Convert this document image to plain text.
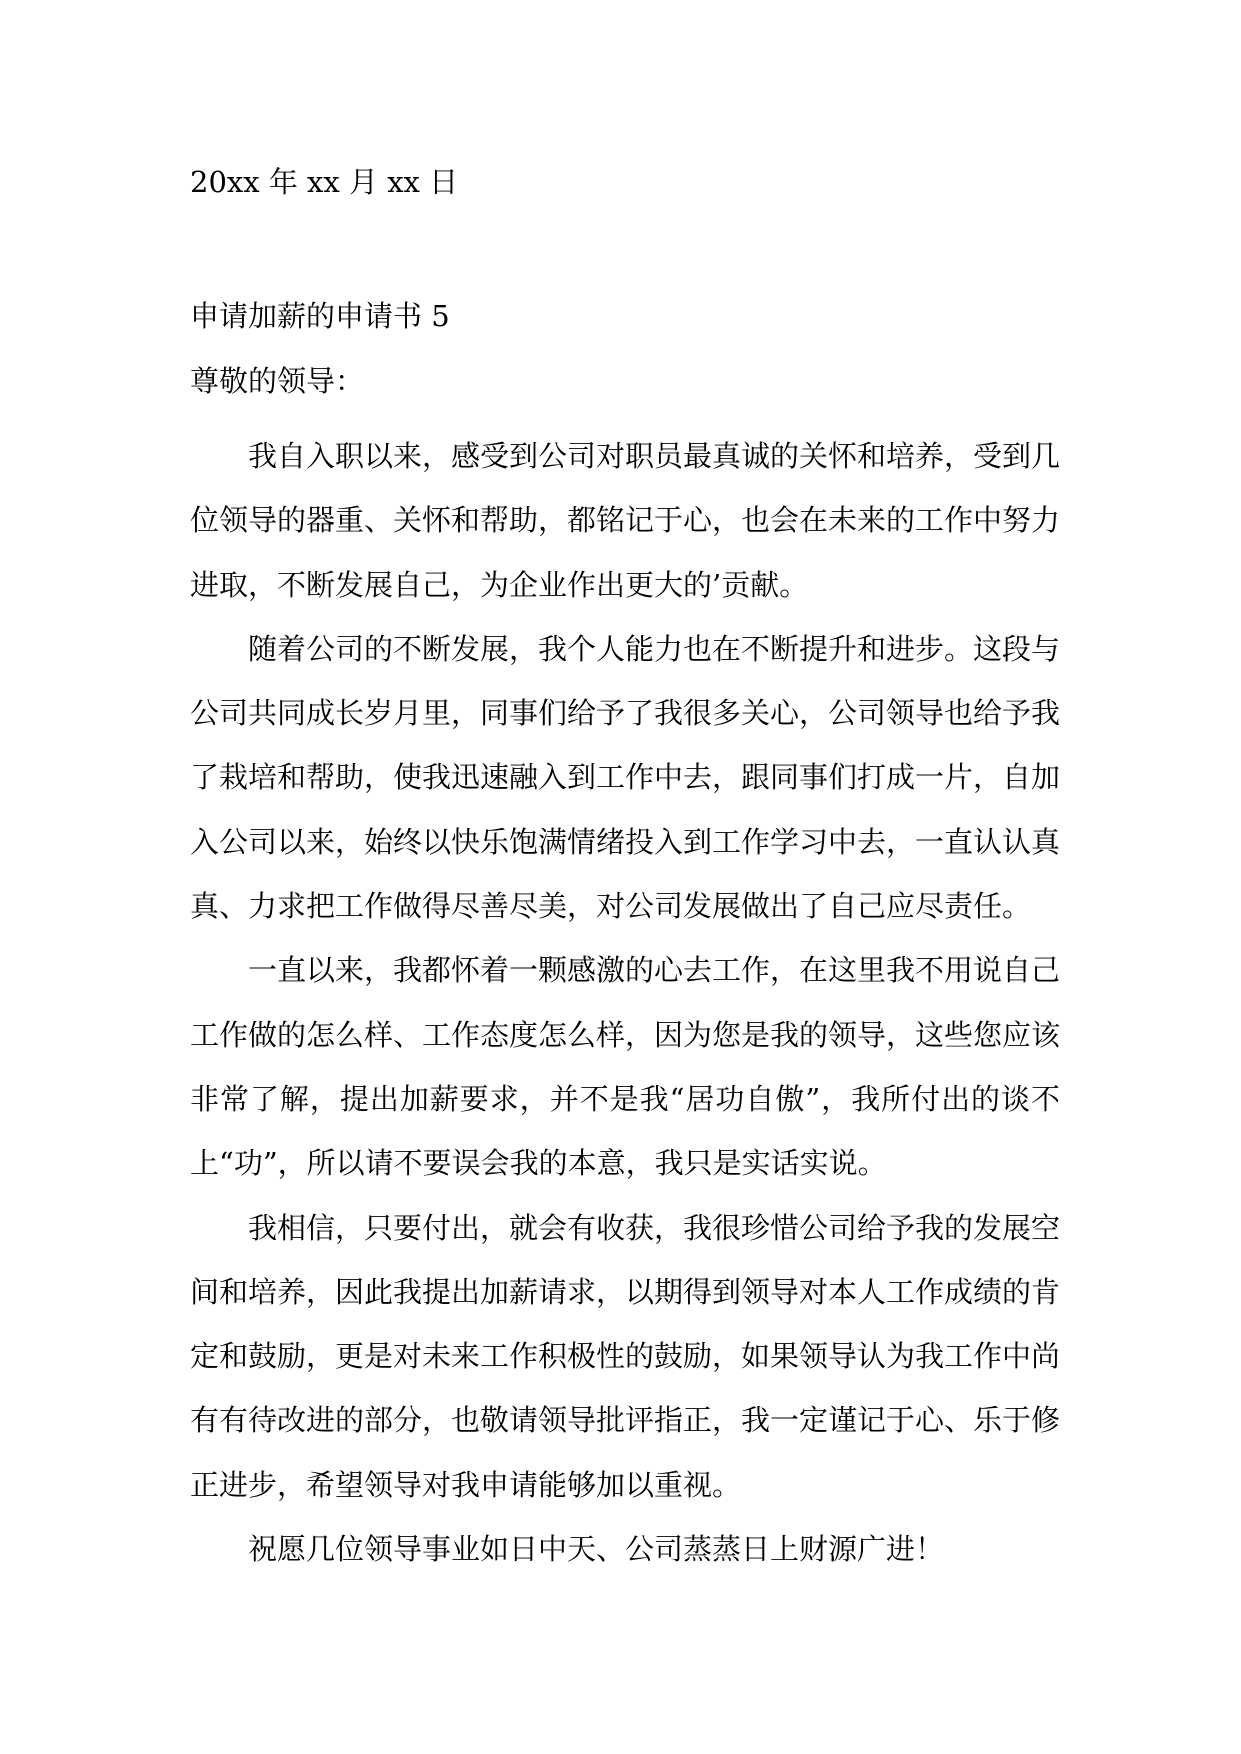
20xx 年 xx 月 xx 日
申请加薪的申请书 5
尊敬的领导：

我自入职以来，感受到公司对职员最真诚的关怀和培养，受到几位领导的器重、关怀和帮助，都铭记于心，也会在未来的工作中努力进取，不断发展自己，为企业作出更大的’贡献。

随着公司的不断发展，我个人能力也在不断提升和进步。这段与公司共同成长岁月里，同事们给予了我很多关心，公司领导也给予我了栽培和帮助，使我迅速融入到工作中去，跟同事们打成一片，自加入公司以来，始终以快乐饱满情绪投入到工作学习中去，一直认认真真、力求把工作做得尽善尽美，对公司发展做出了自己应尽责任。

一直以来，我都怀着一颗感激的心去工作，在这里我不用说自己工作做的怎么样、工作态度怎么样，因为您是我的领导，这些您应该非常了解，提出加薪要求，并不是我“居功自傲”，我所付出的谈不上“功”，所以请不要误会我的本意，我只是实话实说。

我相信，只要付出，就会有收获，我很珍惜公司给予我的发展空间和培养，因此我提出加薪请求，以期得到领导对本人工作成绩的肯定和鼓励，更是对未来工作积极性的鼓励，如果领导认为我工作中尚有有待改进的部分，也敬请领导批评指正，我一定谨记于心、乐于修正进步，希望领导对我申请能够加以重视。

祝愿几位领导事业如日中天、公司蒸蒸日上财源广进！
